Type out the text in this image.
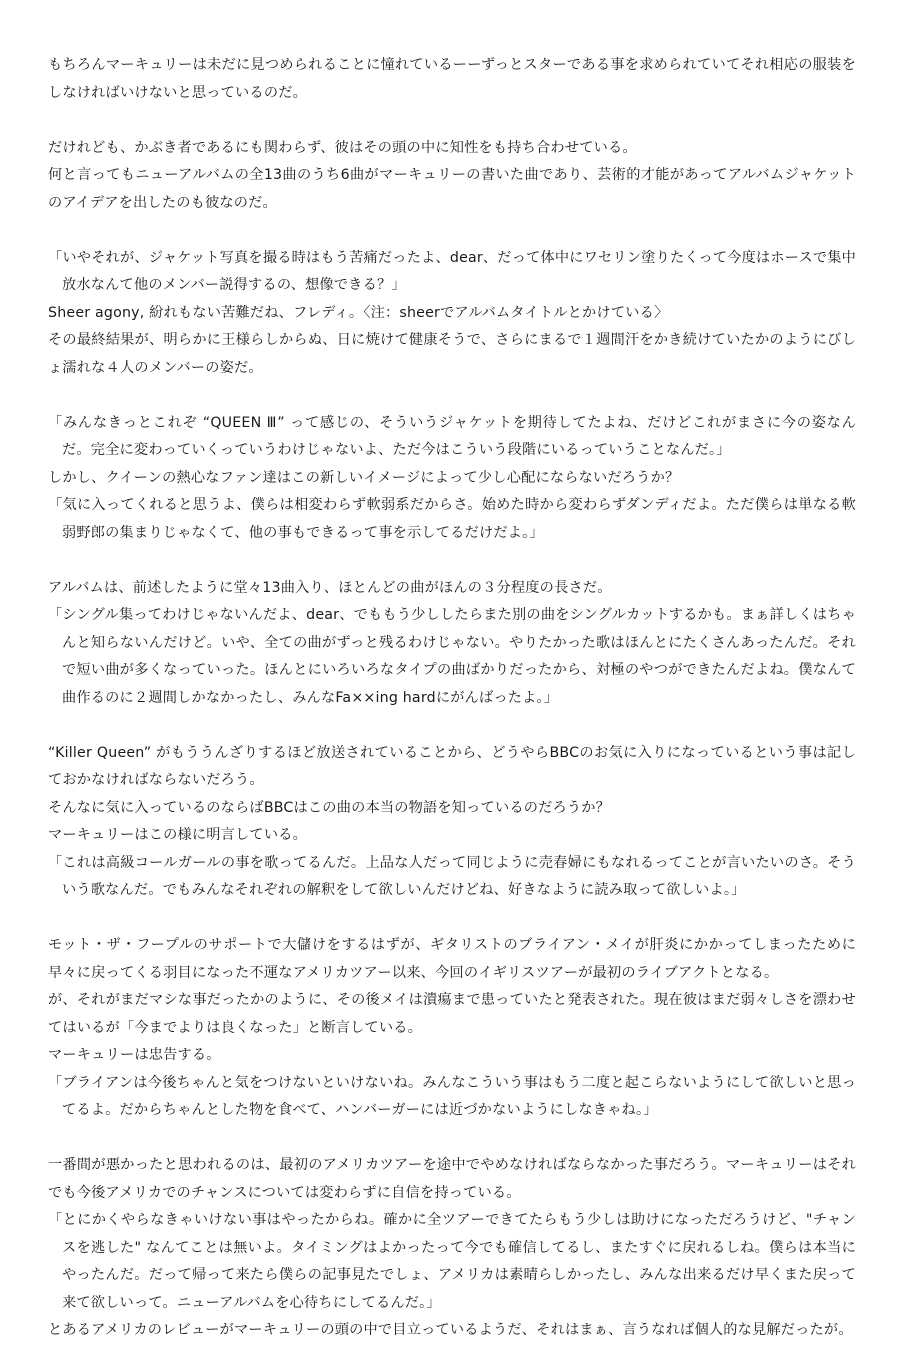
もちろんマーキュリーは未だに見つめられることに憧れているーーずっとスターである事を求められていてそれ相応の服装をしなければいけないと思っているのだ。

だけれども、かぶき者であるにも関わらず、彼はその頭の中に知性をも持ち合わせている。

何と言ってもニューアルバムの全13曲のうち6曲がマーキュリーの書いた曲であり、芸術的才能があってアルバムジャケットのアイデアを出したのも彼なのだ。

「いやそれが、ジャケット写真を撮る時はもう苦痛だったよ、dear、だって体中にワセリン塗りたくって今度はホースで集中放水なんて他のメンバー説得するの、想像できる？」

Sheer agony, 紛れもない苦難だね、フレディ。〈注：sheerでアルバムタイトルとかけている〉

その最終結果が、明らかに王様らしからぬ、日に焼けて健康そうで、さらにまるで１週間汗をかき続けていたかのようにびしょ濡れな４人のメンバーの姿だ。

「みんなきっとこれぞ “QUEEN Ⅲ” って感じの、そういうジャケットを期待してたよね、だけどこれがまさに今の姿なんだ。完全に変わっていくっていうわけじゃないよ、ただ今はこういう段階にいるっていうことなんだ。」

しかし、クイーンの熱心なファン達はこの新しいイメージによって少し心配にならないだろうか？

「気に入ってくれると思うよ、僕らは相変わらず軟弱系だからさ。始めた時から変わらずダンディだよ。ただ僕らは単なる軟弱野郎の集まりじゃなくて、他の事もできるって事を示してるだけだよ。」

アルバムは、前述したように堂々13曲入り、ほとんどの曲がほんの３分程度の長さだ。

「シングル集ってわけじゃないんだよ、dear、でももう少ししたらまた別の曲をシングルカットするかも。まぁ詳しくはちゃんと知らないんだけど。いや、全ての曲がずっと残るわけじゃない。やりたかった歌はほんとにたくさんあったんだ。それで短い曲が多くなっていった。ほんとにいろいろなタイプの曲ばかりだったから、対極のやつができたんだよね。僕なんて曲作るのに２週間しかなかったし、みんなFa××ing hardにがんばったよ。」

“Killer Queen” がもううんざりするほど放送されていることから、どうやらBBCのお気に入りになっているという事は記しておかなければならないだろう。

そんなに気に入っているのならばBBCはこの曲の本当の物語を知っているのだろうか？

マーキュリーはこの様に明言している。

「これは高級コールガールの事を歌ってるんだ。上品な人だって同じように売春婦にもなれるってことが言いたいのさ。そういう歌なんだ。でもみんなそれぞれの解釈をして欲しいんだけどね、好きなように読み取って欲しいよ。」

モット・ザ・フープルのサポートで大儲けをするはずが、ギタリストのブライアン・メイが肝炎にかかってしまったために早々に戻ってくる羽目になった不運なアメリカツアー以来、今回のイギリスツアーが最初のライブアクトとなる。

が、それがまだマシな事だったかのように、その後メイは潰瘍まで患っていたと発表された。現在彼はまだ弱々しさを漂わせてはいるが「今までよりは良くなった」と断言している。

マーキュリーは忠告する。

「ブライアンは今後ちゃんと気をつけないといけないね。みんなこういう事はもう二度と起こらないようにして欲しいと思ってるよ。だからちゃんとした物を食べて、ハンバーガーには近づかないようにしなきゃね。」

一番間が悪かったと思われるのは、最初のアメリカツアーを途中でやめなければならなかった事だろう。マーキュリーはそれでも今後アメリカでのチャンスについては変わらずに自信を持っている。

「とにかくやらなきゃいけない事はやったからね。確かに全ツアーできてたらもう少しは助けになっただろうけど、"チャンスを逃した" なんてことは無いよ。タイミングはよかったって今でも確信してるし、またすぐに戻れるしね。僕らは本当にやったんだ。だって帰って来たら僕らの記事見たでしょ、アメリカは素晴らしかったし、みんな出来るだけ早くまた戻って来て欲しいって。ニューアルバムを心待ちにしてるんだ。」

とあるアメリカのレビューがマーキュリーの頭の中で目立っているようだ、それはまぁ、言うなれば個人的な見解だったが。
